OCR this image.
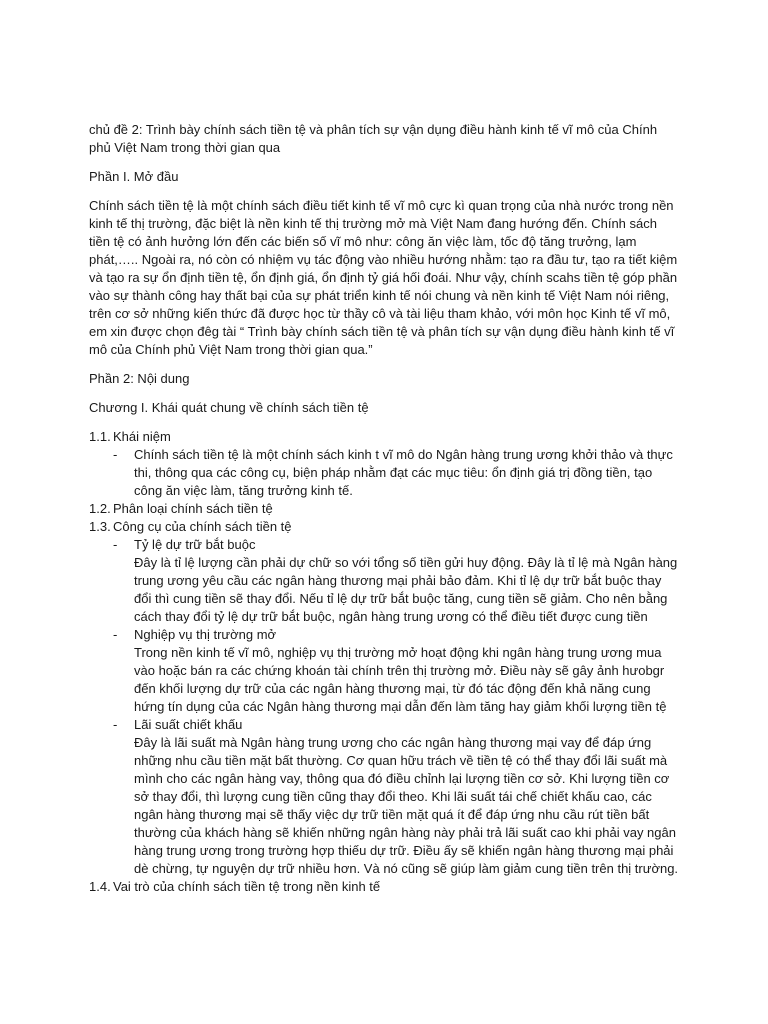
chủ đề 2: Trình bày chính sách tiền tệ và phân tích sự vận dụng điều hành kinh tế vĩ mô của Chính phủ Việt Nam trong thời gian qua

Phần I. Mở đầu

Chính sách tiền tệ là một chính sách điều tiết kinh tế vĩ mô cực kì quan trọng của nhà nước trong nền kinh tế thị trường, đặc biệt là nền kinh tế thị trường mở mà Việt Nam đang hướng đến. Chính sách tiền tệ có ảnh hưởng lớn đến các biến số vĩ mô như: công ăn việc làm, tốc độ tăng trưởng, lạm phát,….. Ngoài ra, nó còn có nhiệm vụ tác động vào nhiều hướng nhằm: tạo ra đầu tư, tạo ra tiết kiệm và tạo ra sự ổn định tiền tệ, ổn định giá, ổn định tỷ giá hối đoái. Như vậy, chính scahs tiền tệ góp phần vào sự thành công hay thất bại của sự phát triển kinh tế nói chung và nền kinh tế Việt Nam nói riêng, trên cơ sở những kiến thức đã được học từ thầy cô và tài liệu tham khảo, với môn học Kinh tế vĩ mô, em xin được chọn đêg tài “ Trình bày chính sách tiền tệ và phân tích sự vận dụng điều hành kinh tế vĩ mô của Chính phủ Việt Nam trong thời gian qua.”

Phần 2: Nội dung

Chương I. Khái quát chung về chính sách tiền tệ

1.1. Khái niệm
-	Chính sách tiền tệ là một chính sách kinh t vĩ mô do Ngân hàng trung ương khởi thảo và thực thi, thông qua các công cụ, biện pháp nhằm đạt các mục tiêu: ổn định giá trị đồng tiền, tạo công ăn việc làm, tăng trưởng kinh tế.
1.2. Phân loại chính sách tiền tệ
1.3. Công cụ của chính sách tiền tệ
-	Tỷ lệ dự trữ bắt buộc

Đây là tỉ lệ lượng cần phải dự chữ so với tổng số tiền gửi huy động. Đây là tỉ lệ mà Ngân hàng trung ương yêu cầu các ngân hàng thương mại phải bảo đảm. Khi tỉ lệ dự trữ bắt buộc thay đổi thì cung tiền sẽ thay đổi. Nếu tỉ lệ dự trữ bắt buộc tăng, cung tiền sẽ giảm. Cho nên bằng cách thay đổi tỷ lệ dự trữ bắt buộc, ngân hàng trung ương có thể điều tiết được cung tiền

-	Nghiệp vụ thị trường mở

Trong nền kinh tế vĩ mô, nghiệp vụ thị trường mở hoạt động khi ngân hàng trung ương mua vào hoặc bán ra các chứng khoán tài chính trên thị trường mở. Điều này sẽ gây ảnh hưobgr đến khối lượng dự trữ của các ngân hàng thương mại, từ đó tác động đến khả năng cung hứng tín dụng của các Ngân hàng thương mại dẫn đến làm tăng hay giảm khối lượng tiền tệ

-	Lãi suất chiết khấu

Đây là lãi suất mà Ngân hàng trung ương cho các ngân hàng thương mại vay để đáp ứng những nhu cầu tiền mặt bất thường. Cơ quan hữu trách về tiền tệ có thể thay đổi lãi suất mà mình cho các ngân hàng vay, thông qua đó điều chỉnh lại lượng tiền cơ sở. Khi lượng tiền cơ sở thay đổi, thì lượng cung tiền cũng thay đổi theo. Khi lãi suất tái chế chiết khấu cao, các ngân hàng thương mại sẽ thấy việc dự trữ tiền mặt quá ít để đáp ứng nhu cầu rút tiền bất thường của khách hàng sẽ khiến những ngân hàng này phải trả lãi suất cao khi phải vay ngân hàng trung ương trong trường hợp thiếu dự trữ. Điều ấy sẽ khiến ngân hàng thương mại phải dè chừng, tự nguyện dự trữ nhiều hơn. Và nó cũng sẽ giúp làm giảm cung tiền trên thị trường.

1.4. Vai trò của chính sách tiền tệ trong nền kinh tế
